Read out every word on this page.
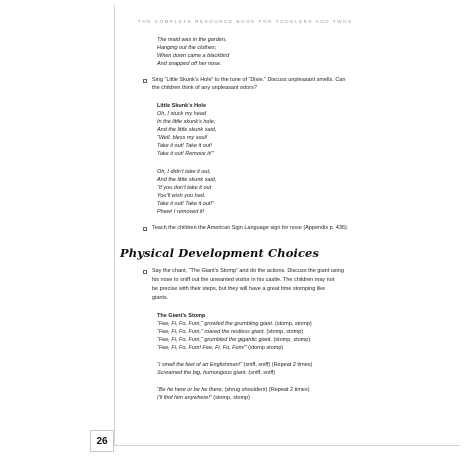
THE COMPLETE RESOURCE BOOK FOR TODDLERS AND TWOS
26
The maid was in the garden,
Hanging out the clothes;
When down came a blackbird
And snapped off her nose.
Sing “Little Skunk’s Hole” to the tune of “Dixie.” Discuss unpleasant smells. Can
the children think of any unpleasant odors?
Little Skunk’s Hole
Oh, I stuck my head
In the little skunk’s hole,
And the little skunk said,
“Well, bless my soul!
Take it out! Take it out!
Take it out! Remove it!”
Oh, I didn’t take it out,
And the little skunk said,
“If you don’t take it out
You’ll wish you had.
Take it out! Take it out!”
Phew! I removed it!
Teach the children the American Sign Language sign for nose (Appendix p. 436).
Physical Development Choices
Say the chant, “The Giant’s Stomp” and do the actions. Discuss the giant using
his nose to sniff out the unwanted visitor in his castle. The children may not
be precise with their steps, but they will have a great time stomping like
giants.
The Giant’s Stomp
“Fee, Fi, Fo, Fum,” growled the grumbling giant. (stomp, stomp)
“Fee, Fi, Fo, Fum,” roared the restless giant. (stomp, stomp)
“Fee, Fi, Fo, Fum,” grumbled the gigantic giant. (stomp, stomp)
“Fee, Fi, Fo, Fum! Fee, Fi, Fo, Fum!” (stomp stomp)
“I smell the feet of an Englishman!” (sniff, sniff) (Repeat 2 times)
Screamed the big, humongous giant. (sniff, sniff)
“Be he here or be he there, (shrug shoulders) (Repeat 2 times)
I’ll find him anywhere!” (stomp, stomp)
